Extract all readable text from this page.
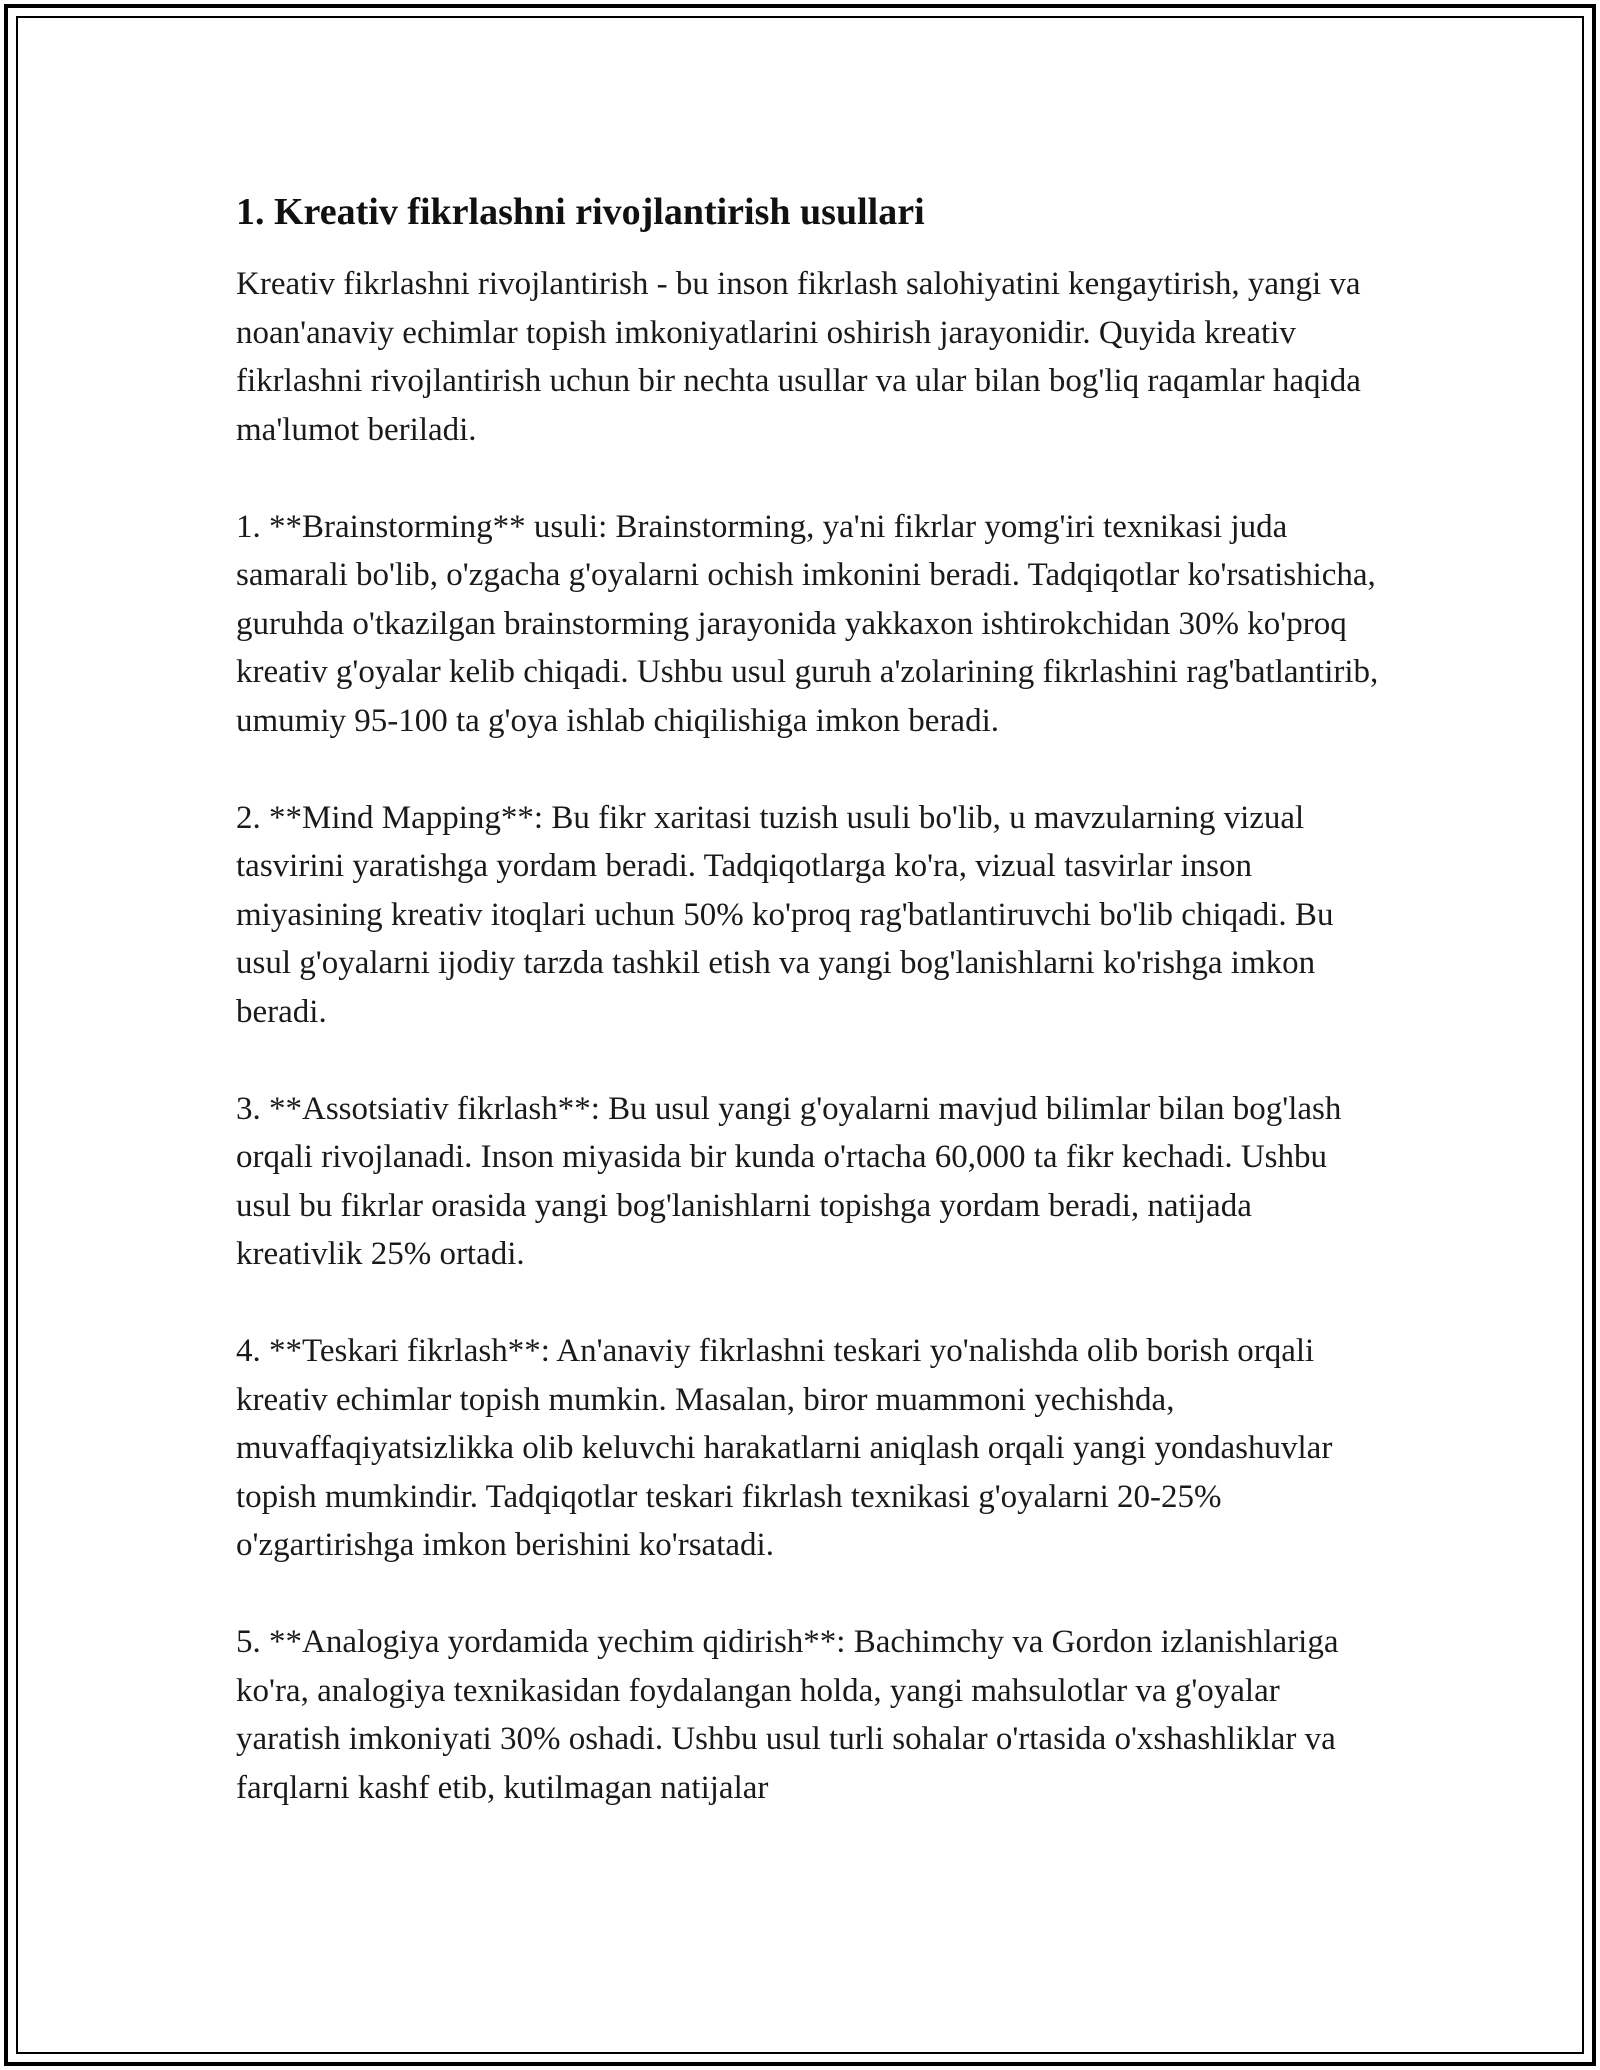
1. Kreativ fikrlashni rivojlantirish usullari

Kreativ fikrlashni rivojlantirish - bu inson fikrlash salohiyatini kengaytirish, yangi va noan'anaviy echimlar topish imkoniyatlarini oshirish jarayonidir. Quyida kreativ fikrlashni rivojlantirish uchun bir nechta usullar va ular bilan bog'liq raqamlar haqida ma'lumot beriladi.

1. **Brainstorming** usuli: Brainstorming, ya'ni fikrlar yomg'iri texnikasi juda samarali bo'lib, o'zgacha g'oyalarni ochish imkonini beradi. Tadqiqotlar ko'rsatishicha, guruhda o'tkazilgan brainstorming jarayonida yakkaxon ishtirokchidan 30% ko'proq kreativ g'oyalar kelib chiqadi. Ushbu usul guruh a'zolarining fikrlashini rag'batlantirib, umumiy 95-100 ta g'oya ishlab chiqilishiga imkon beradi.

2. **Mind Mapping**: Bu fikr xaritasi tuzish usuli bo'lib, u mavzularning vizual tasvirini yaratishga yordam beradi. Tadqiqotlarga ko'ra, vizual tasvirlar inson miyasining kreativ itoqlari uchun 50% ko'proq rag'batlantiruvchi bo'lib chiqadi. Bu usul g'oyalarni ijodiy tarzda tashkil etish va yangi bog'lanishlarni ko'rishga imkon beradi.

3. **Assotsiativ fikrlash**: Bu usul yangi g'oyalarni mavjud bilimlar bilan bog'lash orqali rivojlanadi. Inson miyasida bir kunda o'rtacha 60,000 ta fikr kechadi. Ushbu usul bu fikrlar orasida yangi bog'lanishlarni topishga yordam beradi, natijada kreativlik 25% ortadi.

4. **Teskari fikrlash**: An'anaviy fikrlashni teskari yo'nalishda olib borish orqali kreativ echimlar topish mumkin. Masalan, biror muammoni yechishda, muvaffaqiyatsizlikka olib keluvchi harakatlarni aniqlash orqali yangi yondashuvlar topish mumkindir. Tadqiqotlar teskari fikrlash texnikasi g'oyalarni 20-25% o'zgartirishga imkon berishini ko'rsatadi.

5. **Analogiya yordamida yechim qidirish**: Bachimchy va Gordon izlanishlariga ko'ra, analogiya texnikasidan foydalangan holda, yangi mahsulotlar va g'oyalar yaratish imkoniyati 30% oshadi. Ushbu usul turli sohalar o'rtasida o'xshashliklar va farqlarni kashf etib, kutilmagan natijalar
